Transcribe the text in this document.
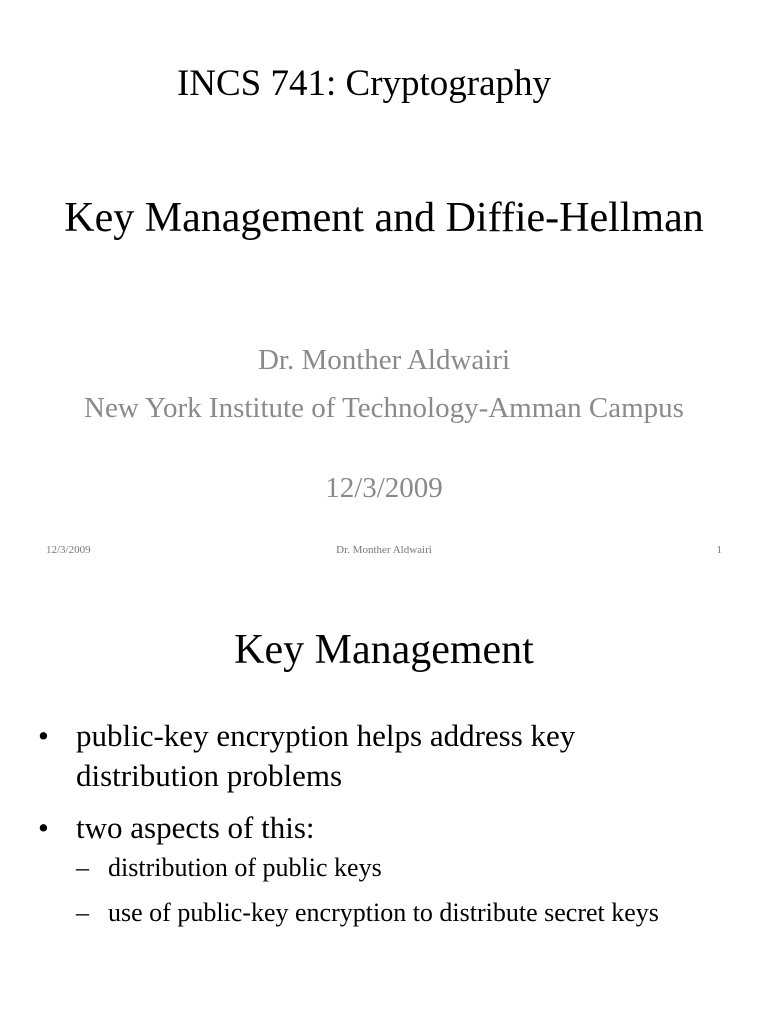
INCS 741: Cryptography
Key Management and Diffie-Hellman
Dr. Monther Aldwairi
New York Institute of Technology-Amman Campus
12/3/2009
12/3/2009	Dr. Monther Aldwairi	1
Key Management
• public-key encryption helps address key distribution problems
• two aspects of this:
– distribution of public keys
– use of public-key encryption to distribute secret keys
